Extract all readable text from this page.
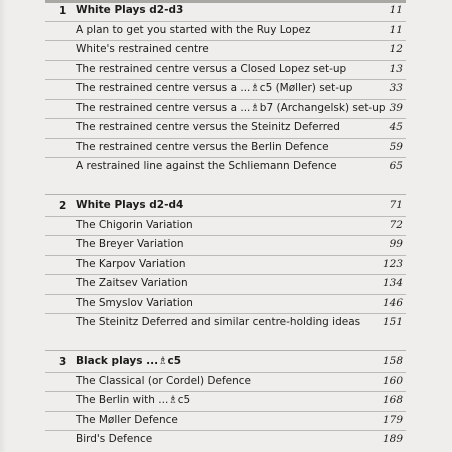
1 White Plays d2-d3	11
A plan to get you started with the Ruy Lopez	11
White's restrained centre	12
The restrained centre versus a Closed Lopez set-up	13
The restrained centre versus a ...♗c5 (Møller) set-up	33
The restrained centre versus a ...♗b7 (Archangelsk) set-up 39
The restrained centre versus the Steinitz Deferred	45
The restrained centre versus the Berlin Defence	59
A restrained line against the Schliemann Defence	65
2 White Plays d2-d4	71
The Chigorin Variation	72
The Breyer Variation	99
The Karpov Variation	123
The Zaitsev Variation	134
The Smyslov Variation	146
The Steinitz Deferred and similar centre-holding ideas 151
3 Black plays ...♗c5	158
The Classical (or Cordel) Defence	160
The Berlin with ...♗c5	168
The Møller Defence	179
Bird's Defence	189
